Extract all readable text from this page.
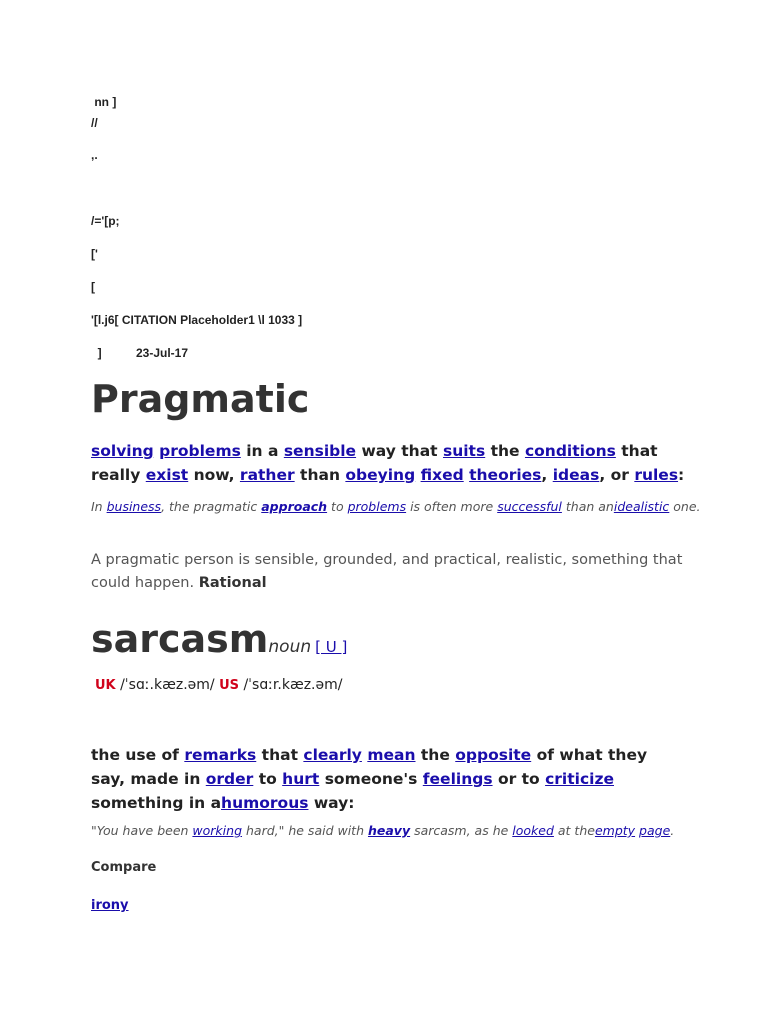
nn ]
//
,.
/='[p;
['
[
'[l.j6[ CITATION Placeholder1 \l 1033 ]
]	23-Jul-17
Pragmatic
solving problems in a sensible way that suits the conditions that really exist now, rather than obeying fixed theories, ideas, or rules:
In business, the pragmatic approach to problems is often more successful than anidealistic one.
A pragmatic person is sensible, grounded, and practical, realistic, something that could happen. Rational
sarcasmnoun [ U ]
UK /ˈsɑː.kæz.əm/ US /ˈsɑːr.kæz.əm/
the use of remarks that clearly mean the opposite of what they say, made in order to hurt someone's feelings or to criticize something in ahumorous way:
"You have been working hard," he said with heavy sarcasm, as he looked at theempty page.
Compare
irony
